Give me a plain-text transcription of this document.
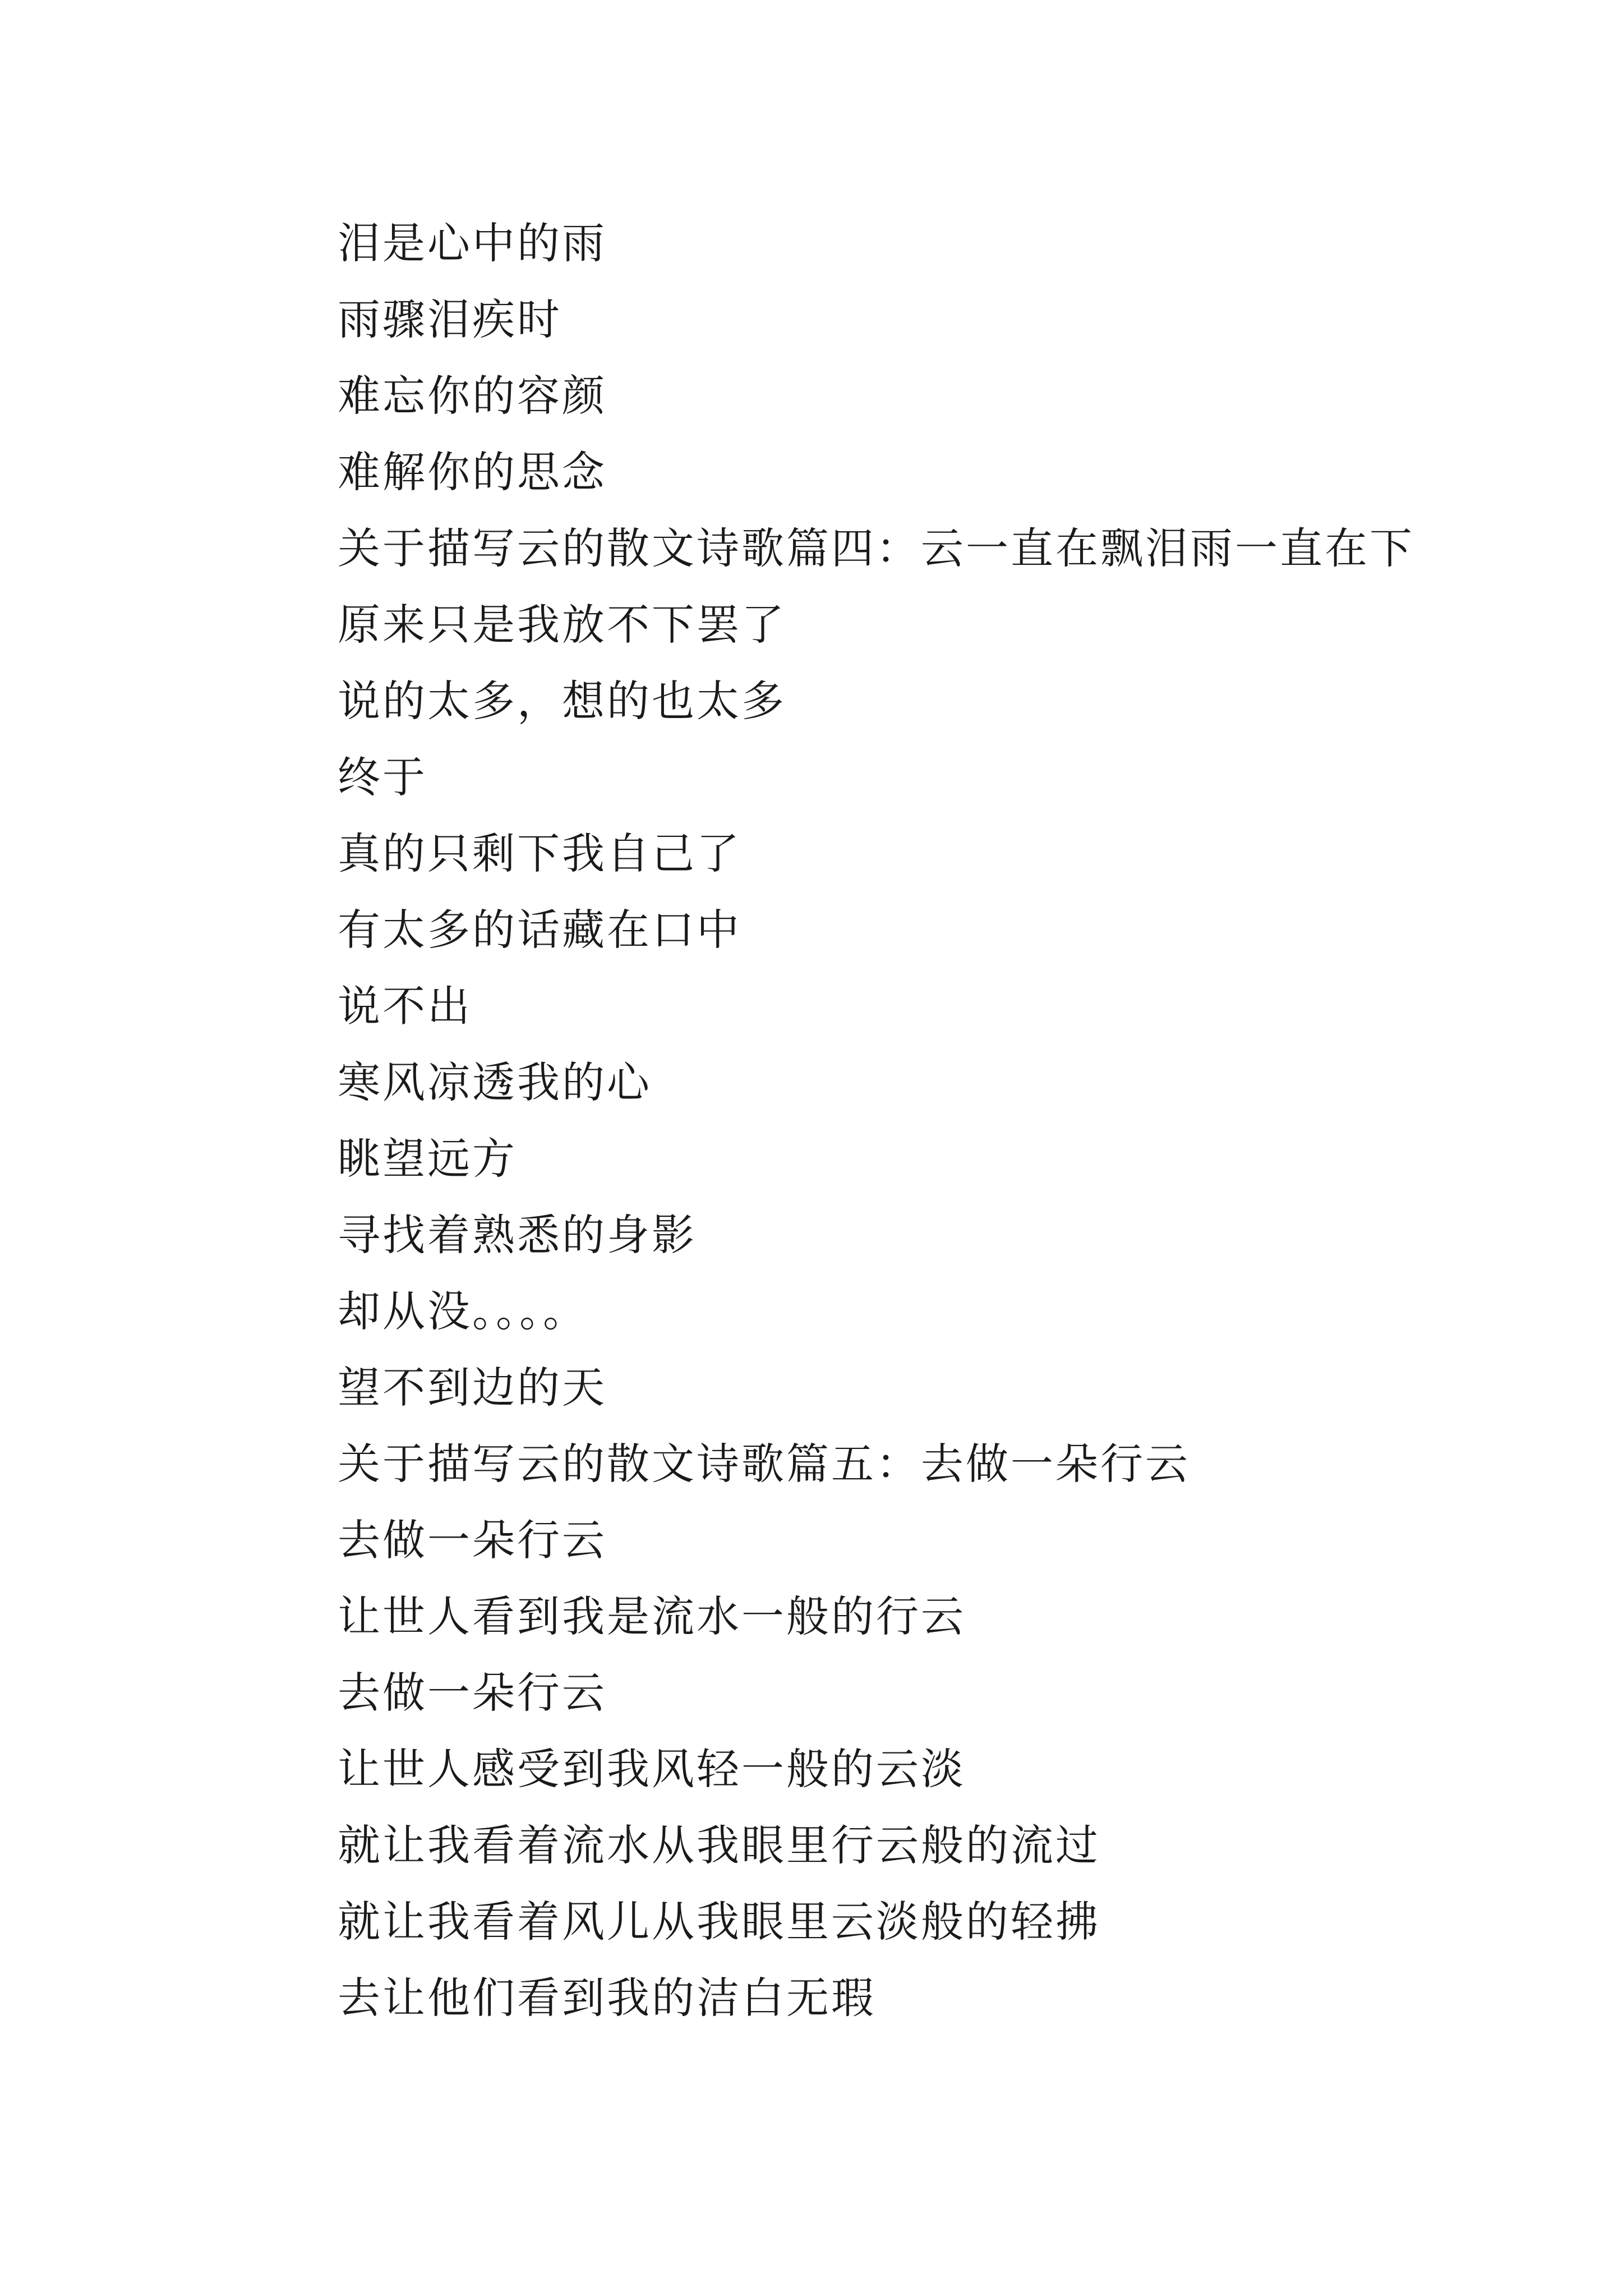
泪是心中的雨
雨骤泪疾时
难忘你的容颜
难解你的思念
关于描写云的散文诗歌篇四：云一直在飘泪雨一直在下
原来只是我放不下罢了
说的太多，想的也太多
终于
真的只剩下我自己了
有太多的话藏在口中
说不出
寒风凉透我的心
眺望远方
寻找着熟悉的身影
却从没。。。。
望不到边的天
关于描写云的散文诗歌篇五：去做一朵行云
去做一朵行云
让世人看到我是流水一般的行云
去做一朵行云
让世人感受到我风轻一般的云淡
就让我看着流水从我眼里行云般的流过
就让我看着风儿从我眼里云淡般的轻拂
去让他们看到我的洁白无瑕
